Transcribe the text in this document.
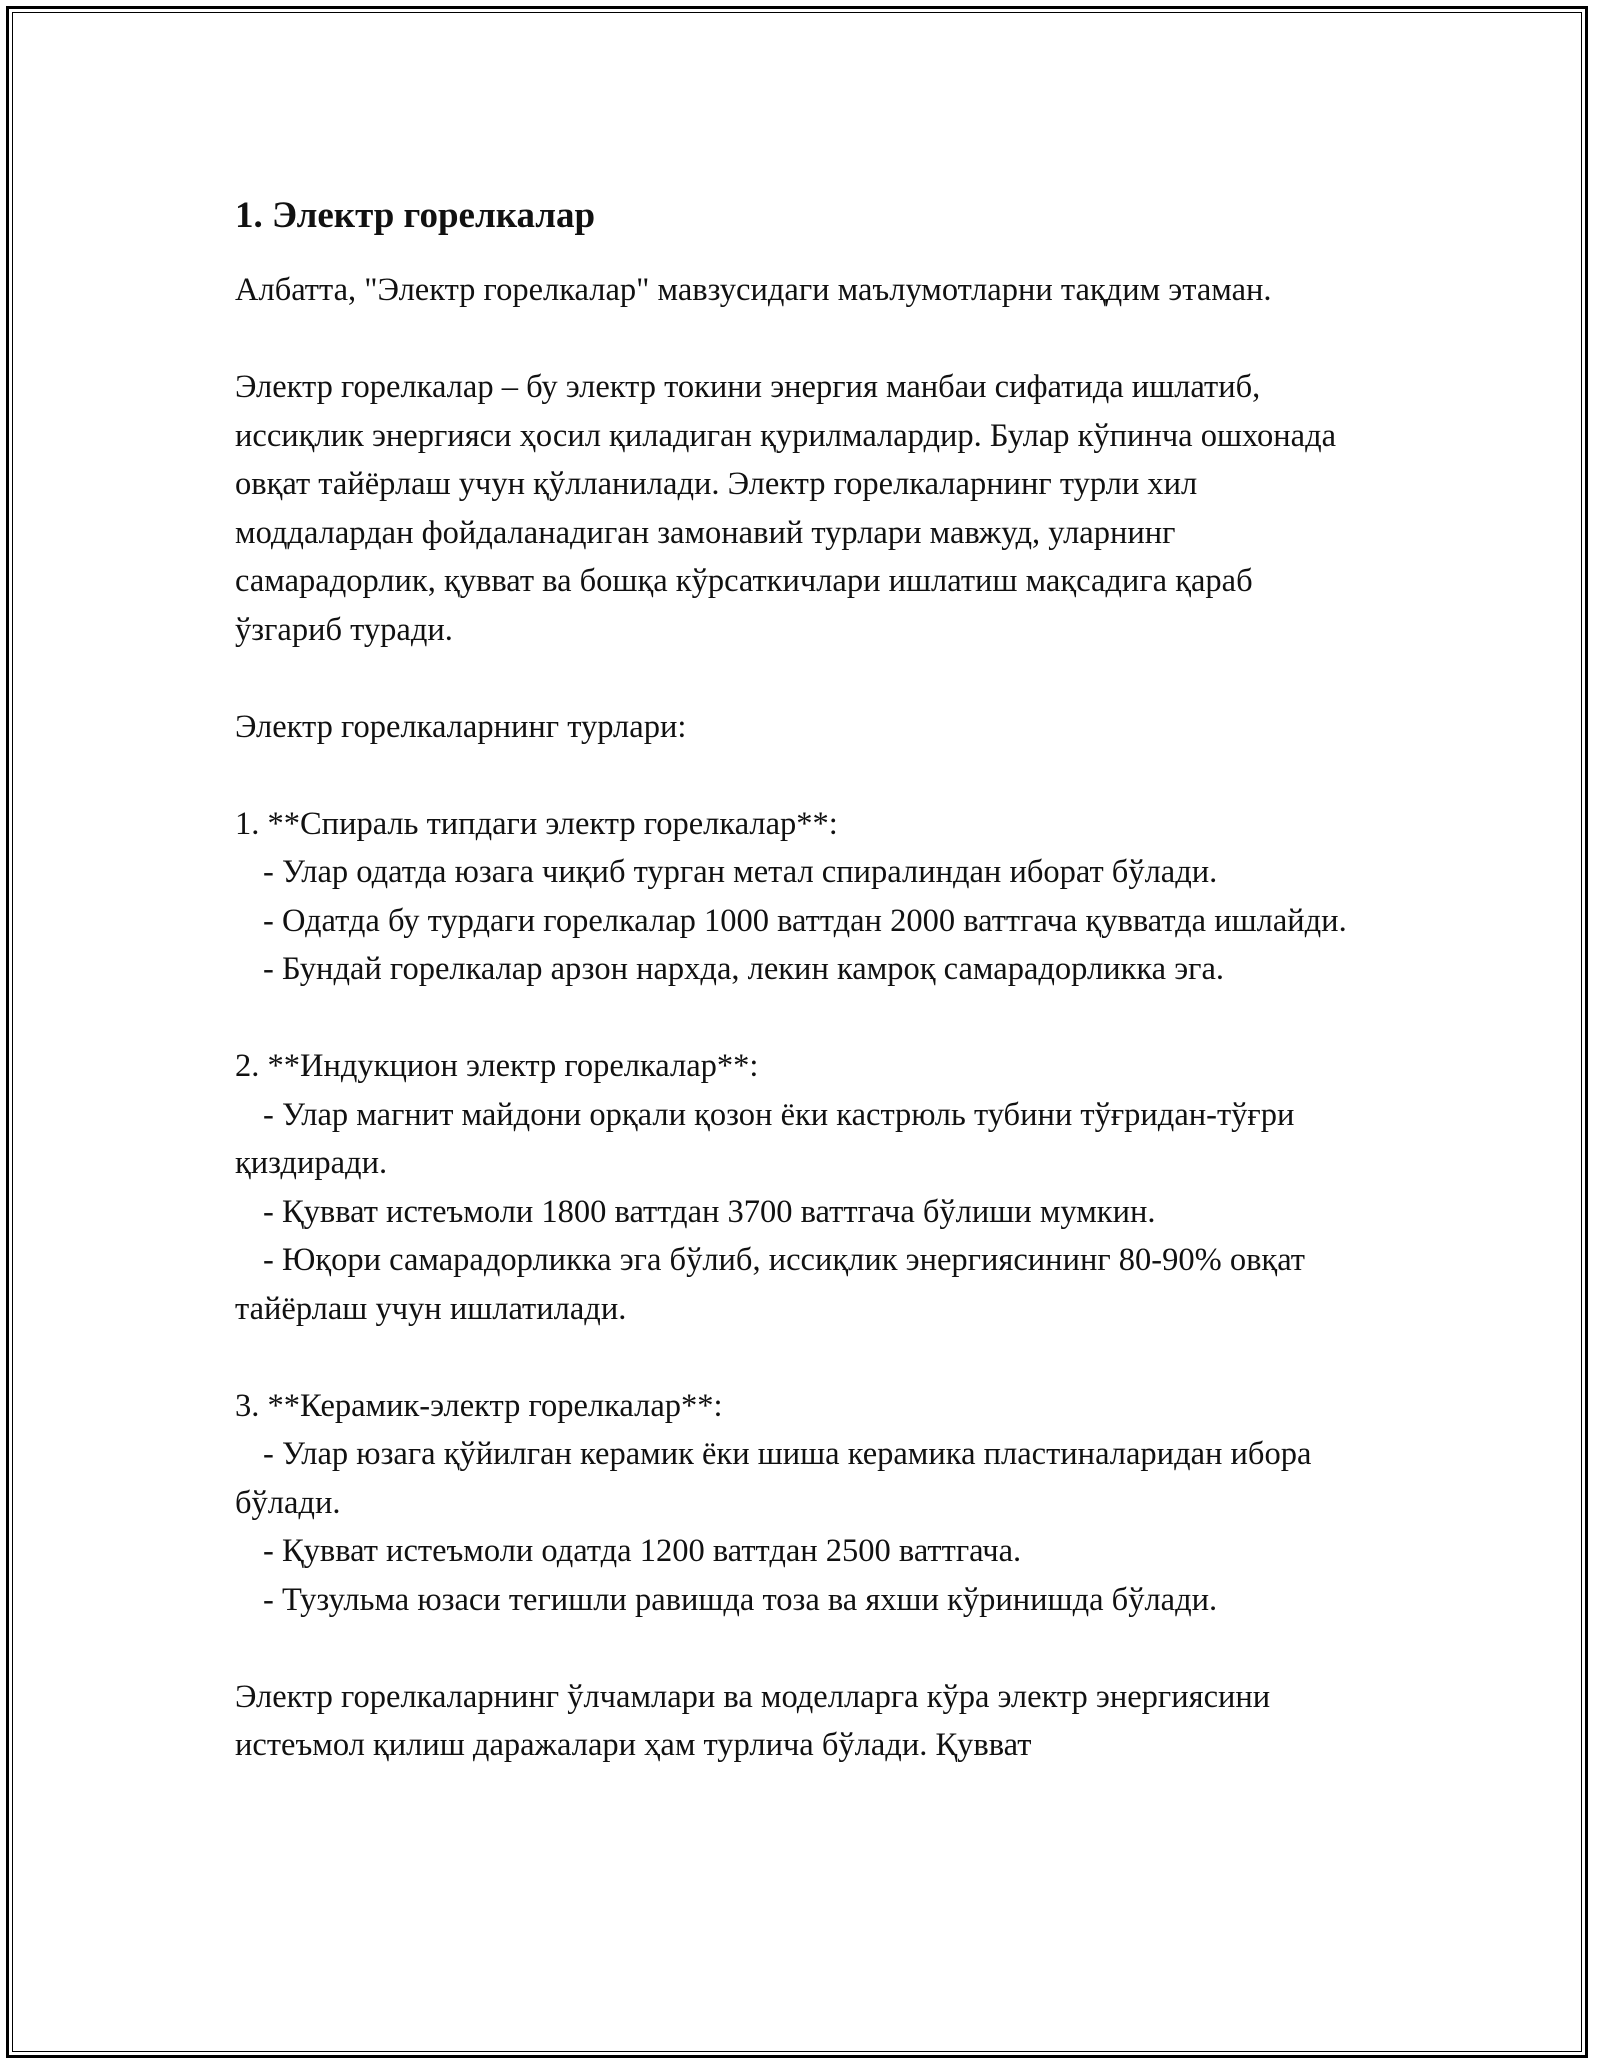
1. Электр горелкалар
Албатта, "Электр горелкалар" мавзусидаги маълумотларни тақдим этаман.
Электр горелкалар – бу электр токини энергия манбаи сифатида ишлатиб, иссиқлик энергияси ҳосил қиладиган қурилмалардир. Булар кўпинча ошхонада овқат тайёрлаш учун қўлланилади. Электр горелкаларнинг турли хил моддалардан фойдаланадиган замонавий турлари мавжуд, уларнинг самарадорлик, қувват ва бошқа кўрсаткичлари ишлатиш мақсадига қараб ўзгариб туради.
Электр горелкаларнинг турлари:
1. **Спираль типдаги электр горелкалар**:
- Улар одатда юзага чиқиб турган метал спиралиндан иборат бўлади.
- Одатда бу турдаги горелкалар 1000 ваттдан 2000 ваттгача қувватда ишлайди.
- Бундай горелкалар арзон нархда, лекин камроқ самарадорликка эга.
2. **Индукцион электр горелкалар**:
- Улар магнит майдони орқали қозон ёки кастрюль тубини тўғридан-тўғри қиздиради.
- Қувват истеъмоли 1800 ваттдан 3700 ваттгача бўлиши мумкин.
- Юқори самарадорликка эга бўлиб, иссиқлик энергиясининг 80-90% овқат тайёрлаш учун ишлатилади.
3. **Керамик-электр горелкалар**:
- Улар юзага қўйилган керамик ёки шиша керамика пластиналаридан ибора бўлади.
- Қувват истеъмоли одатда 1200 ваттдан 2500 ваттгача.
- Тузульма юзаси тегишли равишда тоза ва яхши кўринишда бўлади.
Электр горелкаларнинг ўлчамлари ва моделларга кўра электр энергиясини истеъмол қилиш даражалари ҳам турлича бўлади. Қувват
